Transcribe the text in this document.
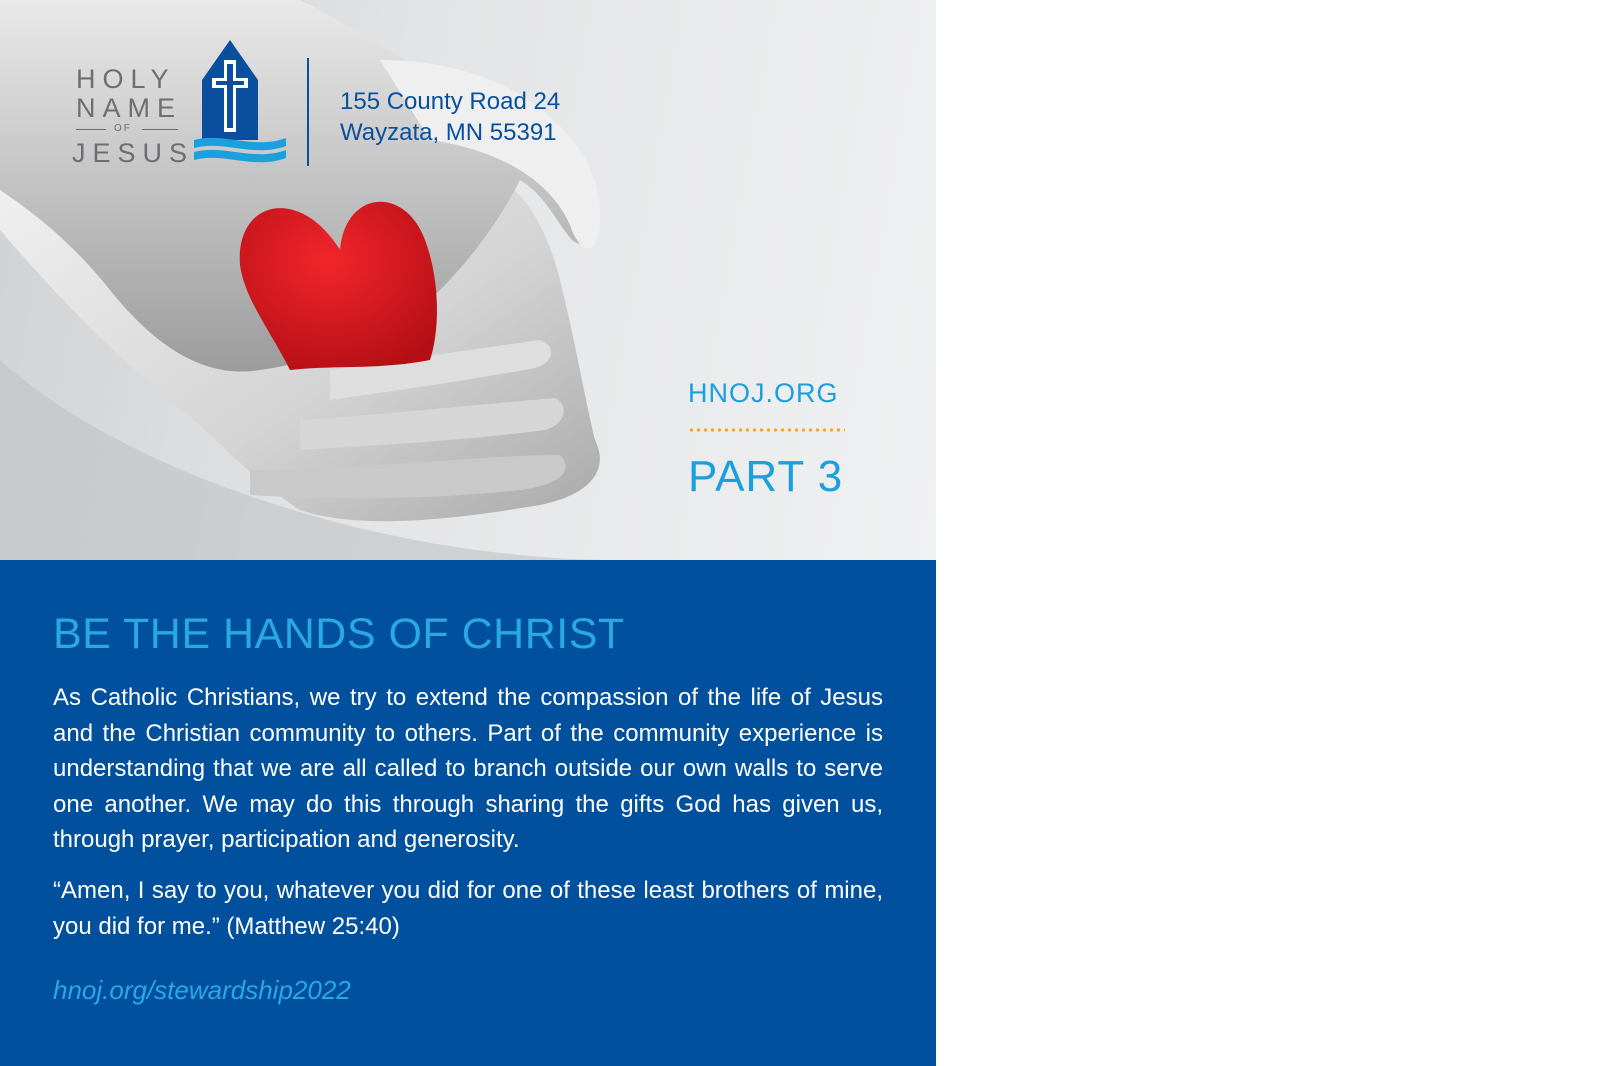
HOLY
NAME
OF
JESUS
155 County Road 24
Wayzata, MN 55391
HNOJ.ORG
PART 3
BE THE HANDS OF CHRIST
As Catholic Christians, we try to extend the compassion of the life of Jesus and the Christian community to others. Part of the community experience is understanding that we are all called to branch outside our own walls to serve one another. We may do this through sharing the gifts God has given us, through prayer, participation and generosity.
“Amen, I say to you, whatever you did for one of these least brothers of mine, you did for me.” (Matthew 25:40)
hnoj.org/stewardship2022
